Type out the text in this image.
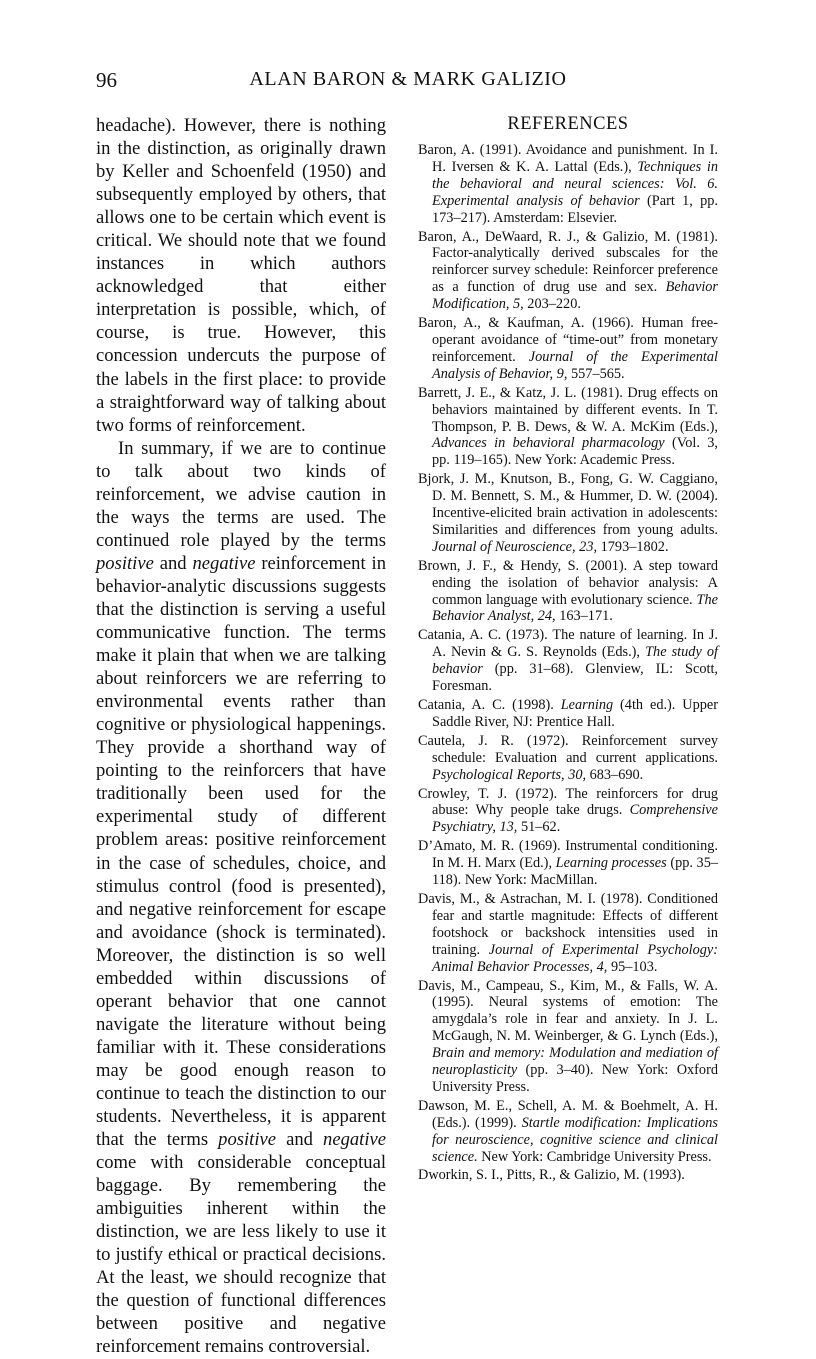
96	ALAN BARON & MARK GALIZIO

headache). However, there is nothing in the distinction, as originally drawn by Keller and Schoenfeld (1950) and subsequently employed by others, that allows one to be certain which event is critical. We should note that we found instances in which authors acknowledged that either interpretation is possible, which, of course, is true. However, this concession undercuts the purpose of the labels in the first place: to provide a straightforward way of talking about two forms of reinforcement.

In summary, if we are to continue to talk about two kinds of reinforcement, we advise caution in the ways the terms are used. The continued role played by the terms positive and negative reinforcement in behavior-analytic discussions suggests that the distinction is serving a useful communicative function. The terms make it plain that when we are talking about reinforcers we are referring to environmental events rather than cognitive or physiological happenings. They provide a shorthand way of pointing to the reinforcers that have traditionally been used for the experimental study of different problem areas: positive reinforcement in the case of schedules, choice, and stimulus control (food is presented), and negative reinforcement for escape and avoidance (shock is terminated). Moreover, the distinction is so well embedded within discussions of operant behavior that one cannot navigate the literature without being familiar with it. These considerations may be good enough reason to continue to teach the distinction to our students. Nevertheless, it is apparent that the terms positive and negative come with considerable conceptual baggage. By remembering the ambiguities inherent within the distinction, we are less likely to use it to justify ethical or practical decisions. At the least, we should recognize that the question of functional differences between positive and negative reinforcement remains controversial.

REFERENCES
Baron, A. (1991). Avoidance and punishment. In I. H. Iversen & K. A. Lattal (Eds.), Techniques in the behavioral and neural sciences: Vol. 6. Experimental analysis of behavior (Part 1, pp. 173–217). Amsterdam: Elsevier.
Baron, A., DeWaard, R. J., & Galizio, M. (1981). Factor-analytically derived subscales for the reinforcer survey schedule: Reinforcer preference as a function of drug use and sex. Behavior Modification, 5, 203–220.
Baron, A., & Kaufman, A. (1966). Human free-operant avoidance of “time-out” from monetary reinforcement. Journal of the Experimental Analysis of Behavior, 9, 557–565.
Barrett, J. E., & Katz, J. L. (1981). Drug effects on behaviors maintained by different events. In T. Thompson, P. B. Dews, & W. A. McKim (Eds.), Advances in behavioral pharmacology (Vol. 3, pp. 119–165). New York: Academic Press.
Bjork, J. M., Knutson, B., Fong, G. W. Caggiano, D. M. Bennett, S. M., & Hummer, D. W. (2004). Incentive-elicited brain activation in adolescents: Similarities and differences from young adults. Journal of Neuroscience, 23, 1793–1802.
Brown, J. F., & Hendy, S. (2001). A step toward ending the isolation of behavior analysis: A common language with evolutionary science. The Behavior Analyst, 24, 163–171.
Catania, A. C. (1973). The nature of learning. In J. A. Nevin & G. S. Reynolds (Eds.), The study of behavior (pp. 31–68). Glenview, IL: Scott, Foresman.
Catania, A. C. (1998). Learning (4th ed.). Upper Saddle River, NJ: Prentice Hall.
Cautela, J. R. (1972). Reinforcement survey schedule: Evaluation and current applications. Psychological Reports, 30, 683–690.
Crowley, T. J. (1972). The reinforcers for drug abuse: Why people take drugs. Comprehensive Psychiatry, 13, 51–62.
D’Amato, M. R. (1969). Instrumental conditioning. In M. H. Marx (Ed.), Learning processes (pp. 35–118). New York: MacMillan.
Davis, M., & Astrachan, M. I. (1978). Conditioned fear and startle magnitude: Effects of different footshock or backshock intensities used in training. Journal of Experimental Psychology: Animal Behavior Processes, 4, 95–103.
Davis, M., Campeau, S., Kim, M., & Falls, W. A. (1995). Neural systems of emotion: The amygdala’s role in fear and anxiety. In J. L. McGaugh, N. M. Weinberger, & G. Lynch (Eds.), Brain and memory: Modulation and mediation of neuroplasticity (pp. 3–40). New York: Oxford University Press.
Dawson, M. E., Schell, A. M. & Boehmelt, A. H. (Eds.). (1999). Startle modification: Implications for neuroscience, cognitive science and clinical science. New York: Cambridge University Press.
Dworkin, S. I., Pitts, R., & Galizio, M. (1993).
